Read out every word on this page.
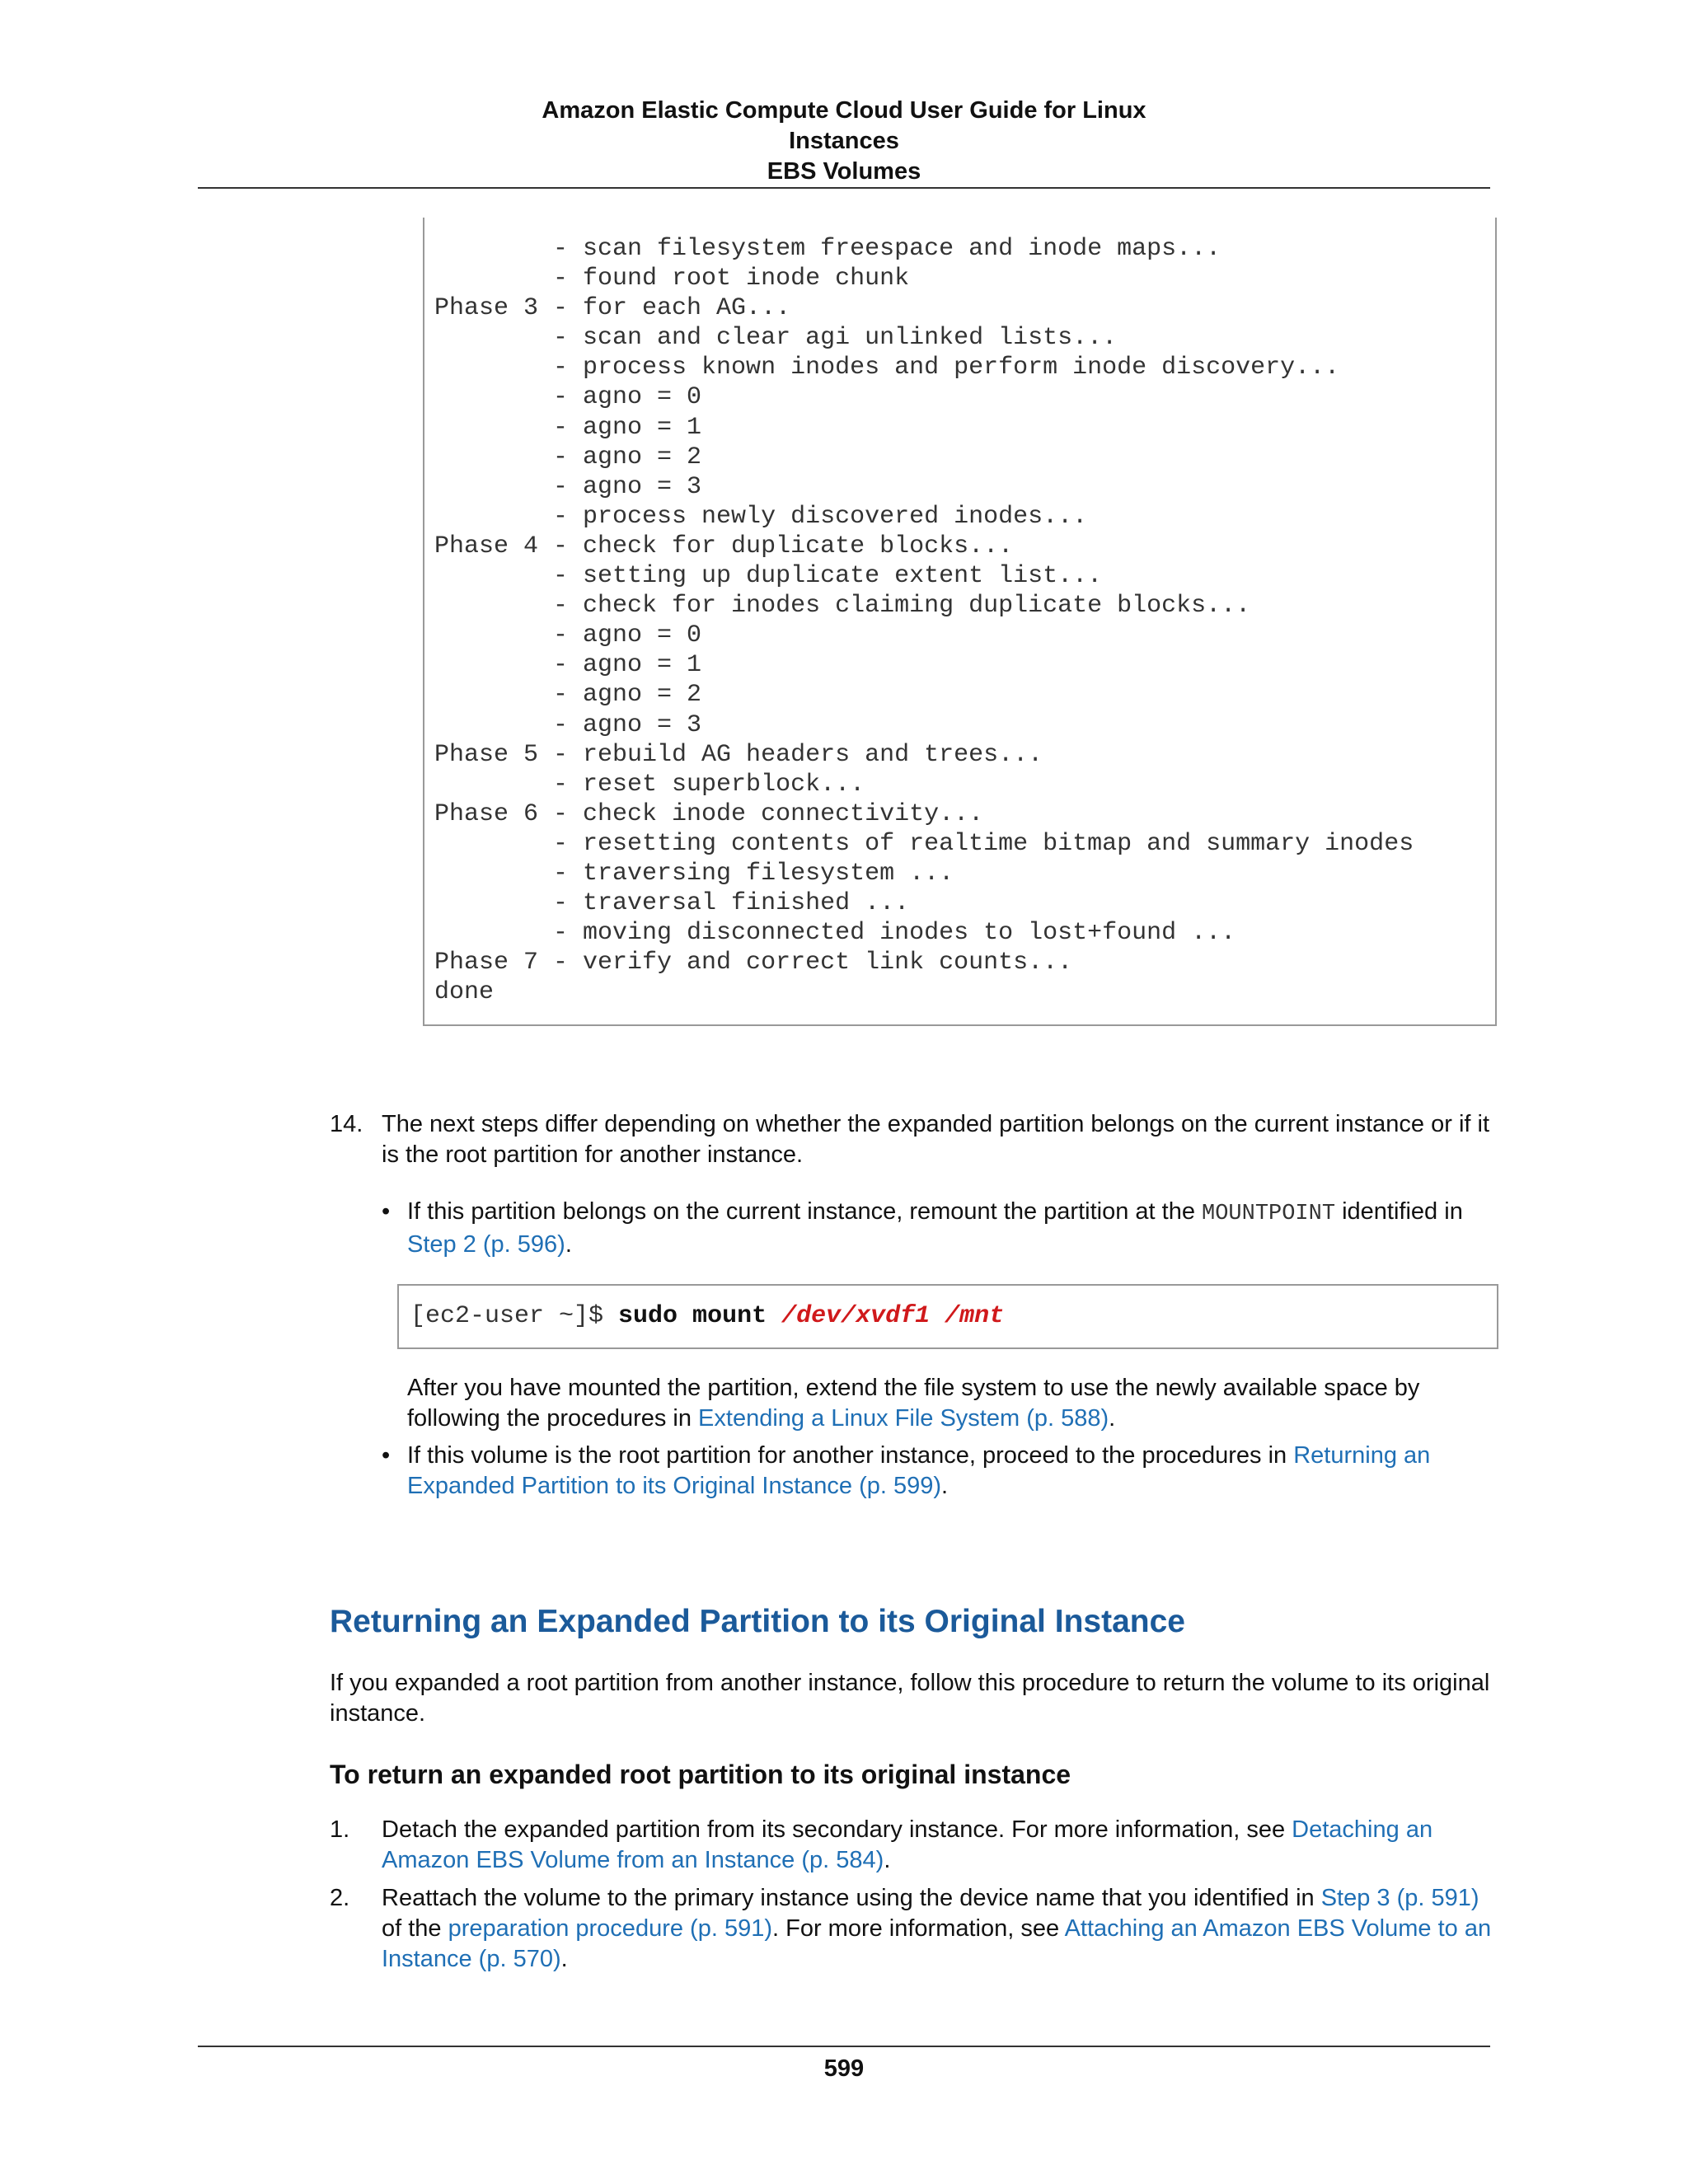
Amazon Elastic Compute Cloud User Guide for Linux
Instances
EBS Volumes
- scan filesystem freespace and inode maps...
- found root inode chunk
Phase 3 - for each AG...
- scan and clear agi unlinked lists...
- process known inodes and perform inode discovery...
- agno = 0
- agno = 1
- agno = 2
- agno = 3
- process newly discovered inodes...
Phase 4 - check for duplicate blocks...
- setting up duplicate extent list...
- check for inodes claiming duplicate blocks...
- agno = 0
- agno = 1
- agno = 2
- agno = 3
Phase 5 - rebuild AG headers and trees...
- reset superblock...
Phase 6 - check inode connectivity...
- resetting contents of realtime bitmap and summary inodes
- traversing filesystem ...
- traversal finished ...
- moving disconnected inodes to lost+found ...
Phase 7 - verify and correct link counts...
done
14. The next steps differ depending on whether the expanded partition belongs on the current instance or if it is the root partition for another instance.
• If this partition belongs on the current instance, remount the partition at the MOUNTPOINT identified in Step 2 (p. 596).
[ec2-user ~]$ sudo mount /dev/xvdf1 /mnt
After you have mounted the partition, extend the file system to use the newly available space by following the procedures in Extending a Linux File System (p. 588).
• If this volume is the root partition for another instance, proceed to the procedures in Returning an Expanded Partition to its Original Instance (p. 599).
Returning an Expanded Partition to its Original Instance
If you expanded a root partition from another instance, follow this procedure to return the volume to its original instance.
To return an expanded root partition to its original instance
1. Detach the expanded partition from its secondary instance. For more information, see Detaching an Amazon EBS Volume from an Instance (p. 584).
2. Reattach the volume to the primary instance using the device name that you identified in Step 3 (p. 591) of the preparation procedure (p. 591). For more information, see Attaching an Amazon EBS Volume to an Instance (p. 570).
599
